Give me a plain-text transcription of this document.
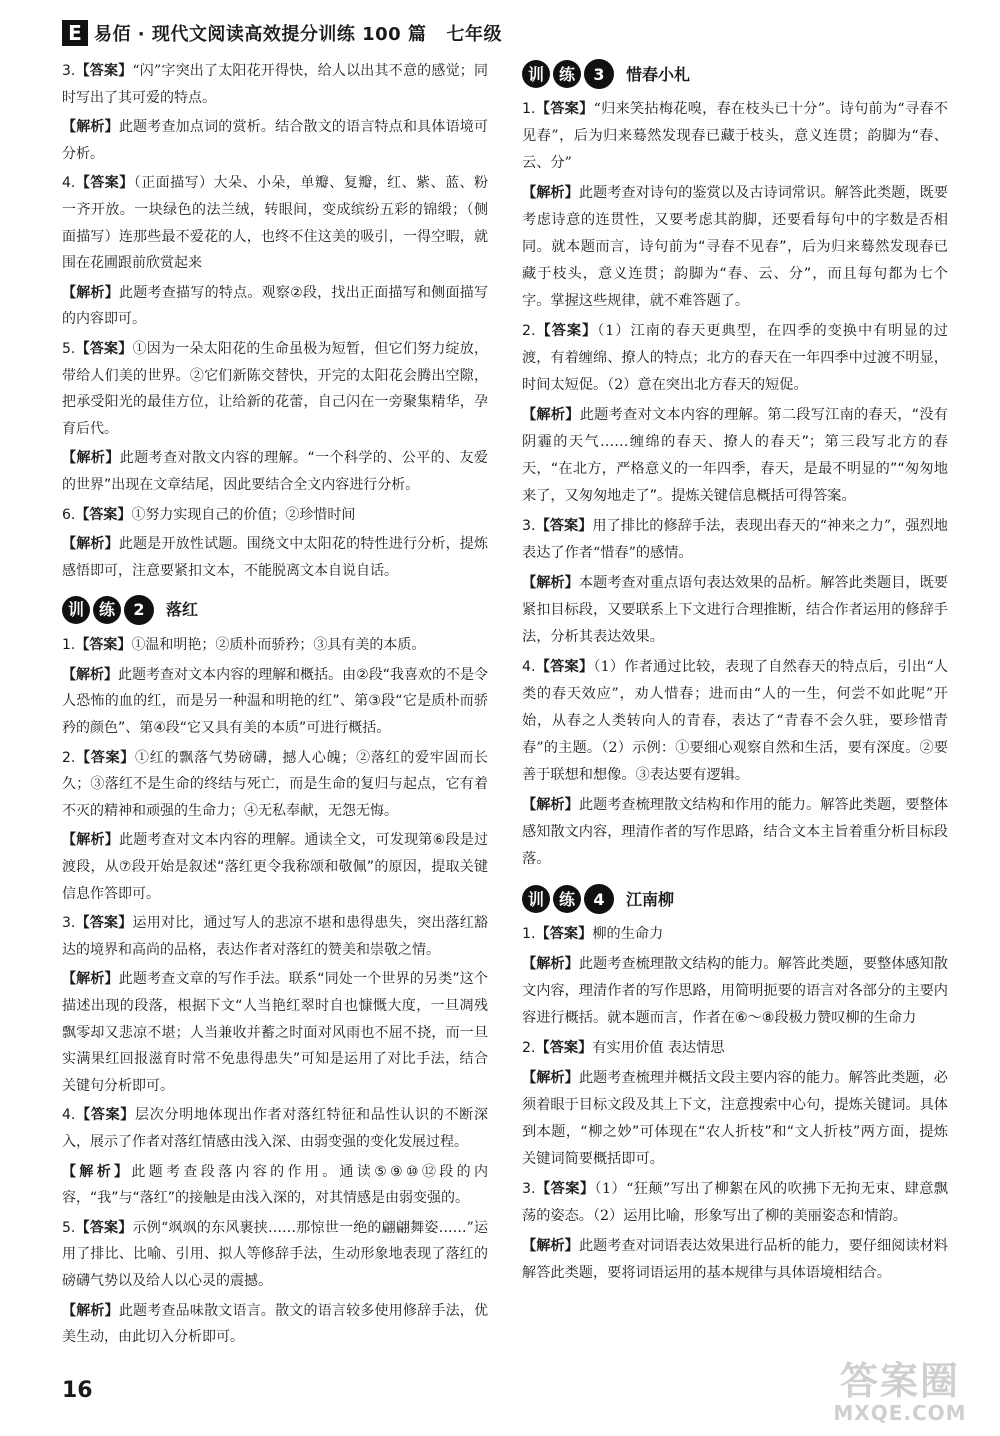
E 易佰 · 现代文阅读高效提分训练 100 篇 七年级

3.【答案】“闪”字突出了太阳花开得快，给人以出其不意的感觉；同时写出了其可爱的特点。

【解析】此题考查加点词的赏析。结合散文的语言特点和具体语境可分析。

4.【答案】（正面描写）大朵、小朵，单瓣、复瓣，红、紫、蓝、粉一齐开放。一块绿色的法兰绒，转眼间，变成缤纷五彩的锦缎；（侧面描写）连那些最不爱花的人，也终不住这美的吸引，一得空暇，就围在花圃跟前欣赏起来

【解析】此题考查描写的特点。观察②段，找出正面描写和侧面描写的内容即可。

5.【答案】①因为一朵太阳花的生命虽极为短暂，但它们努力绽放，带给人们美的世界。②它们新陈交替快，开完的太阳花会腾出空隙，把承受阳光的最佳方位，让给新的花蕾，自己闪在一旁聚集精华，孕育后代。

【解析】此题考查对散文内容的理解。“一个科学的、公平的、友爱的世界”出现在文章结尾，因此要结合全文内容进行分析。

6.【答案】①努力实现自己的价值；②珍惜时间

【解析】此题是开放性试题。围绕文中太阳花的特性进行分析，提炼感悟即可，注意要紧扣文本，不能脱离文本自说自话。

训 练	2	落红

1.【答案】①温和明艳；②质朴而骄矜；③具有美的本质。

【解析】此题考查对文本内容的理解和概括。由②段“我喜欢的不是令人恐怖的血的红，而是另一种温和明艳的红”、第③段“它是质朴而骄矜的颜色”、第④段“它又具有美的本质”可进行概括。

2.【答案】①红的飘落气势磅礴，撼人心魄；②落红的爱牢固而长久；③落红不是生命的终结与死亡，而是生命的复归与起点，它有着不灭的精神和顽强的生命力；④无私奉献，无怨无悔。

【解析】此题考查对文本内容的理解。通读全文，可发现第⑥段是过渡段，从⑦段开始是叙述“落红更令我称颂和敬佩”的原因，提取关键信息作答即可。

3.【答案】运用对比，通过写人的悲凉不堪和患得患失，突出落红豁达的境界和高尚的品格，表达作者对落红的赞美和崇敬之情。

【解析】此题考查文章的写作手法。联系“同处一个世界的另类”这个描述出现的段落，根据下文“人当艳红翠时自也慷慨大度，一旦凋残飘零却又悲凉不堪；人当兼收并蓄之时面对风雨也不屈不挠，而一旦实满果红回报滋育时常不免患得患失”可知是运用了对比手法，结合关键句分析即可。

4.【答案】层次分明地体现出作者对落红特征和品性认识的不断深入，展示了作者对落红情感由浅入深、由弱变强的变化发展过程。

【解析】此题考查段落内容的作用。通读⑤⑨⑩⑫段的内容，“我”与“落红”的接触是由浅入深的，对其情感是由弱变强的。

5.【答案】示例“飒飒的东风裹挟……那惊世一绝的翩翩舞姿……”运用了排比、比喻、引用、拟人等修辞手法，生动形象地表现了落红的磅礴气势以及给人以心灵的震撼。

【解析】此题考查品味散文语言。散文的语言较多使用修辞手法，优美生动，由此切入分析即可。

训 练	3	惜春小札

1.【答案】“归来笑拈梅花嗅，春在枝头已十分”。诗句前为“寻春不见春”，后为归来蓦然发现春已藏于枝头，意义连贯；韵脚为“春、云、分”

【解析】此题考查对诗句的鉴赏以及古诗词常识。解答此类题，既要考虑诗意的连贯性，又要考虑其韵脚，还要看每句中的字数是否相同。就本题而言，诗句前为“寻春不见春”，后为归来蓦然发现春已藏于枝头，意义连贯；韵脚为“春、云、分”，而且每句都为七个字。掌握这些规律，就不难答题了。

2.【答案】（1）江南的春天更典型，在四季的变换中有明显的过渡，有着缠绵、撩人的特点；北方的春天在一年四季中过渡不明显，时间太短促。（2）意在突出北方春天的短促。

【解析】此题考查对文本内容的理解。第二段写江南的春天，“没有阴霾的天气……缠绵的春天、撩人的春天”；第三段写北方的春天，“在北方，严格意义的一年四季，春天，是最不明显的”“匆匆地来了，又匆匆地走了”。提炼关键信息概括可得答案。

3.【答案】用了排比的修辞手法，表现出春天的“神来之力”，强烈地表达了作者“惜春”的感情。

【解析】本题考查对重点语句表达效果的品析。解答此类题目，既要紧扣目标段，又要联系上下文进行合理推断，结合作者运用的修辞手法，分析其表达效果。

4.【答案】（1）作者通过比较，表现了自然春天的特点后，引出“人类的春天效应”，劝人惜春；进而由“人的一生，何尝不如此呢”开始，从春之人类转向人的青春，表达了“青春不会久驻，要珍惜青春”的主题。（2）示例：①要细心观察自然和生活，要有深度。②要善于联想和想像。③表达要有逻辑。

【解析】此题考查梳理散文结构和作用的能力。解答此类题，要整体感知散文内容，理清作者的写作思路，结合文本主旨着重分析目标段落。

训 练	4	江南柳

1.【答案】柳的生命力

【解析】此题考查梳理散文结构的能力。解答此类题，要整体感知散文内容，理清作者的写作思路，用简明扼要的语言对各部分的主要内容进行概括。就本题而言，作者在⑥～⑧段极力赞叹柳的生命力

2.【答案】有实用价值 表达情思

【解析】此题考查梳理并概括文段主要内容的能力。解答此类题，必须着眼于目标文段及其上下文，注意搜索中心句，提炼关键词。具体到本题，“柳之妙”可体现在“农人折枝”和“文人折枝”两方面，提炼关键词简要概括即可。

3.【答案】（1）“狂颠”写出了柳絮在风的吹拂下无拘无束、肆意飘荡的姿态。（2）运用比喻，形象写出了柳的美丽姿态和情韵。

【解析】此题考查对词语表达效果进行品析的能力，要仔细阅读材料解答此类题，要将词语运用的基本规律与具体语境相结合。

16	答案圈
MXQE.COM
